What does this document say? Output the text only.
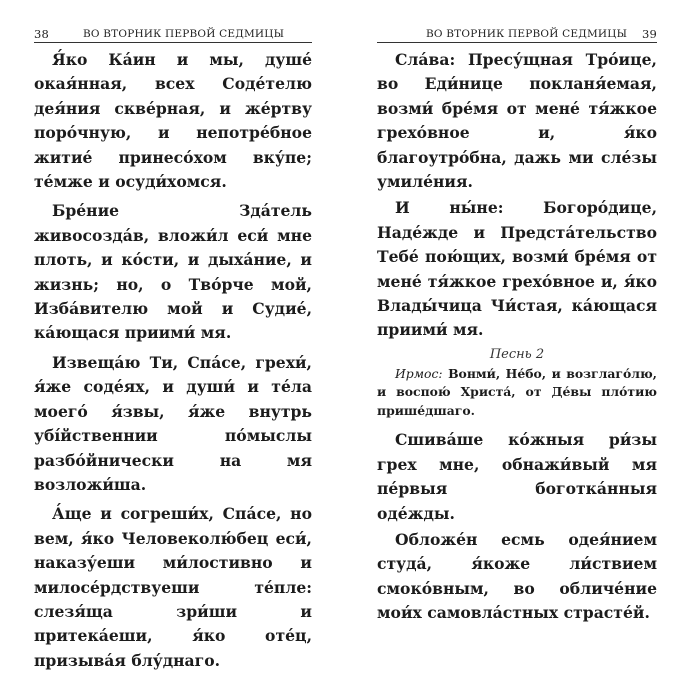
38	ВО ВТОРНИК ПЕРВОЙ СЕДМИЦЫ

Я́ко Ка́ин и мы, душе́ окая́нная, всех Соде́телю дея́ния скве́рная, и же́ртву поро́чную, и непотре́бное житие́ принесо́хом вку́пе; те́мже и осуди́хомся.

Бре́ние Зда́тель живосозда́в, вложи́л еси́ мне плоть, и ко́сти, и дыха́ние, и жизнь; но, о Тво́рче мой, Изба́вителю мой и Судие́, ка́ющася приими́ мя.

Извеща́ю Ти, Спа́се, грехи́, я́же соде́ях, и души́ и те́ла моего́ я́звы, я́же внутрь убі́йственнии по́мыслы разбо́йнически на мя возложи́ша.

А́ще и согреши́х, Спа́се, но вем, я́ко Человеколю́бец еси́, наказу́еши ми́лостивно и милосе́рдствуеши те́пле: слезя́ща зри́ши и притека́еши, я́ко оте́ц, призыва́я блу́днаго.

ВО ВТОРНИК ПЕРВОЙ СЕДМИЦЫ 39

Сла́ва: Пресу́щная Тро́ице, во Еди́нице покланя́емая, возми́ бре́мя от мене́ тя́жкое грехо́вное и, я́ко благоутро́бна, дажь ми сле́зы умиле́ния.

И ны́не: Богоро́дице, Наде́жде и Предста́тельство Тебе́ пою́щих, возми́ бре́мя от мене́ тя́жкое грехо́вное и, я́ко Влады́чица Чи́стая, ка́ющася приими́ мя.

Песнь 2

Ирмос: Вонми́, Не́бо, и возглаго́лю, и воспою́ Христа́, от Де́вы пло́тию прише́дшаго.

Сшива́ше ко́жныя ри́зы грех мне, обнажи́вый мя пе́рвыя боготка́нныя оде́жды.

Обложе́н есмь одея́нием студа́, я́коже ли́ствием смоко́вным, во обличе́ние мои́х самовла́стных страсте́й.
